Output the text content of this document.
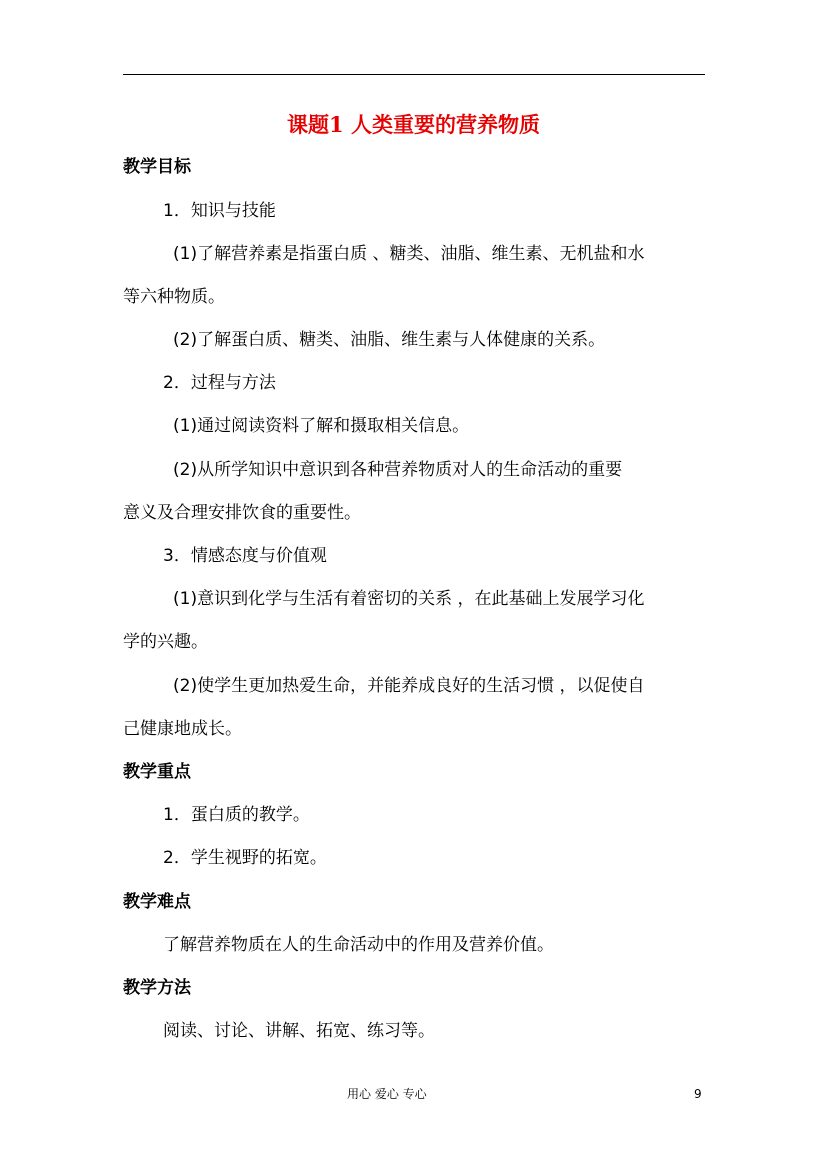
课题1 人类重要的营养物质
教学目标
1．知识与技能
(1)了解营养素是指蛋白质 、糖类、油脂、维生素、无机盐和水
等六种物质。
(2)了解蛋白质、糖类、油脂、维生素与人体健康的关系。
2．过程与方法
(1)通过阅读资料了解和摄取相关信息。
(2)从所学知识中意识到各种营养物质对人的生命活动的重要
意义及合理安排饮食的重要性。
3．情感态度与价值观
(1)意识到化学与生活有着密切的关系 ，在此基础上发展学习化
学的兴趣。
(2)使学生更加热爱生命，并能养成良好的生活习惯 ，以促使自
己健康地成长。
教学重点
1．蛋白质的教学。
2．学生视野的拓宽。
教学难点
了解营养物质在人的生命活动中的作用及营养价值。
教学方法
阅读、讨论、讲解、拓宽、练习等。
用心 爱心 专心	9
